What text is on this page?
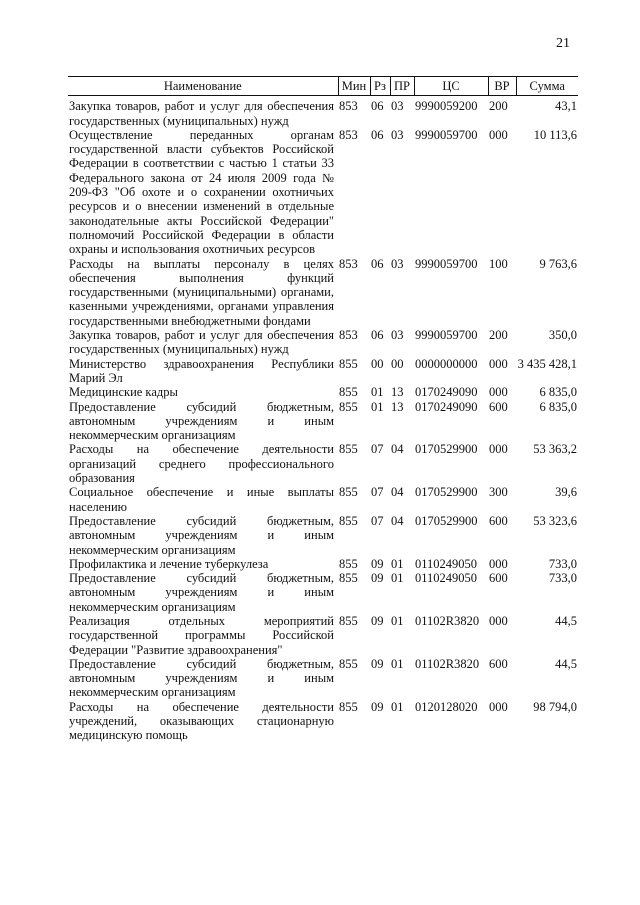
21
Наименование	Мин	Рз	ПР	ЦС	ВР	Сумма
Закупка товаров, работ и услуг для обеспечения государственных (муниципальных) нужд	853	06	03	9990059200	200	43,1
Осуществление переданных органам государственной власти субъектов Российской Федерации в соответствии с частью 1 статьи 33 Федерального закона от 24 июля 2009 года № 209-ФЗ "Об охоте и о сохранении охотничьих ресурсов и о внесении изменений в отдельные законодательные акты Российской Федерации" полномочий Российской Федерации в области охраны и использования охотничьих ресурсов	853	06	03	9990059700	000	10 113,6
Расходы на выплаты персоналу в целях обеспечения выполнения функций государственными (муниципальными) органами, казенными учреждениями, органами управления государственными внебюджетными фондами	853	06	03	9990059700	100	9 763,6
Закупка товаров, работ и услуг для обеспечения государственных (муниципальных) нужд	853	06	03	9990059700	200	350,0
Министерство здравоохранения Республики Марий Эл	855	00	00	0000000000	000	3 435 428,1
Медицинские кадры	855	01	13	0170249090	000	6 835,0
Предоставление субсидий бюджетным, автономным учреждениям и иным некоммерческим организациям	855	01	13	0170249090	600	6 835,0
Расходы на обеспечение деятельности организаций среднего профессионального образования	855	07	04	0170529900	000	53 363,2
Социальное обеспечение и иные выплаты населению	855	07	04	0170529900	300	39,6
Предоставление субсидий бюджетным, автономным учреждениям и иным некоммерческим организациям	855	07	04	0170529900	600	53 323,6
Профилактика и лечение туберкулеза	855	09	01	0110249050	000	733,0
Предоставление субсидий бюджетным, автономным учреждениям и иным некоммерческим организациям	855	09	01	0110249050	600	733,0
Реализация отдельных мероприятий государственной программы Российской Федерации "Развитие здравоохранения"	855	09	01	01102R3820	000	44,5
Предоставление субсидий бюджетным, автономным учреждениям и иным некоммерческим организациям	855	09	01	01102R3820	600	44,5
Расходы на обеспечение деятельности учреждений, оказывающих стационарную медицинскую помощь	855	09	01	0120128020	000	98 794,0
